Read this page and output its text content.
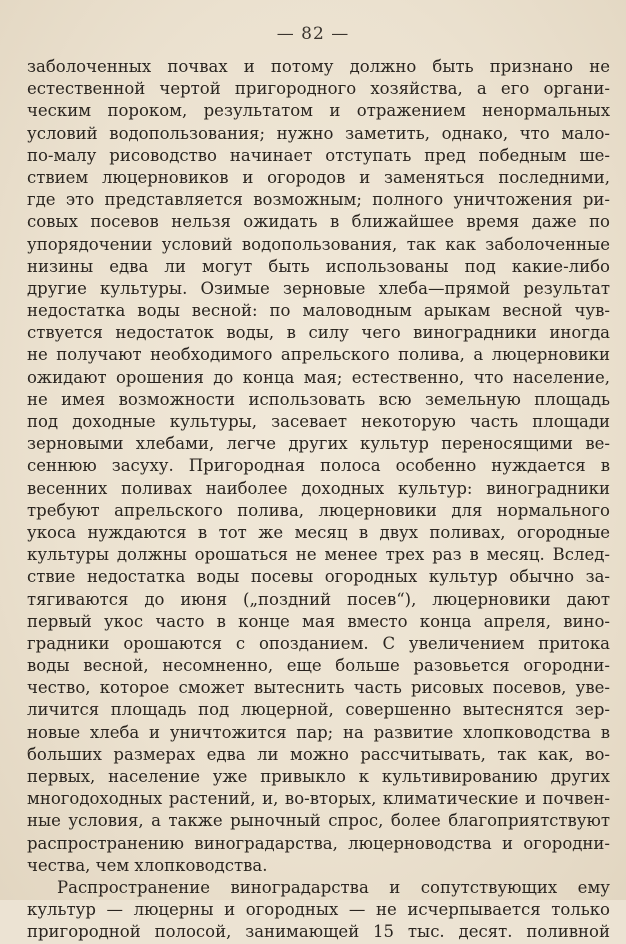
— 82 —
заболоченных почвах и потому должно быть признано не
естественной чертой пригородного хозяйства, а его органи-
ческим пороком, результатом и отражением ненормальных
условий водопользования; нужно заметить, однако, что мало-
по-малу рисоводство начинает отступать пред победным ше-
ствием люцерновиков и огородов и заменяться последними,
где это представляется возможным; полного уничтожения ри-
совых посевов нельзя ожидать в ближайшее время даже по
упорядочении условий водопользования, так как заболоченные
низины едва ли могут быть использованы под какие-либо
другие культуры. Озимые зерновые хлеба—прямой результат
недостатка воды весной: по маловодным арыкам весной чув-
ствуется недостаток воды, в силу чего виноградники иногда
не получают необходимого апрельского полива, а люцерновики
ожидают орошения до конца мая; естественно, что население,
не имея возможности использовать всю земельную площадь
под доходные культуры, засевает некоторую часть площади
зерновыми хлебами, легче других культур переносящими ве-
сеннюю засуху. Пригородная полоса особенно нуждается в
весенних поливах наиболее доходных культур: виноградники
требуют апрельского полива, люцерновики для нормального
укоса нуждаются в тот же месяц в двух поливах, огородные
культуры должны орошаться не менее трех раз в месяц. Вслед-
ствие недостатка воды посевы огородных культур обычно за-
тягиваются до июня („поздний посев“), люцерновики дают
первый укос часто в конце мая вместо конца апреля, вино-
градники орошаются с опозданием. С увеличением притока
воды весной, несомненно, еще больше разовьется огородни-
чество, которое сможет вытеснить часть рисовых посевов, уве-
личится площадь под люцерной, совершенно вытеснятся зер-
новые хлеба и уничтожится пар; на развитие хлопководства в
больших размерах едва ли можно рассчитывать, так как, во-
первых, население уже привыкло к культивированию других
многодоходных растений, и, во-вторых, климатические и почвен-
ные условия, а также рыночный спрос, более благоприятствуют
распространению виноградарства, люцерноводства и огородни-
чества, чем хлопководства.
Распространение виноградарства и сопутствующих ему
культур — люцерны и огородных — не исчерпывается только
пригородной полосой, занимающей 15 тыс. десят. поливной
